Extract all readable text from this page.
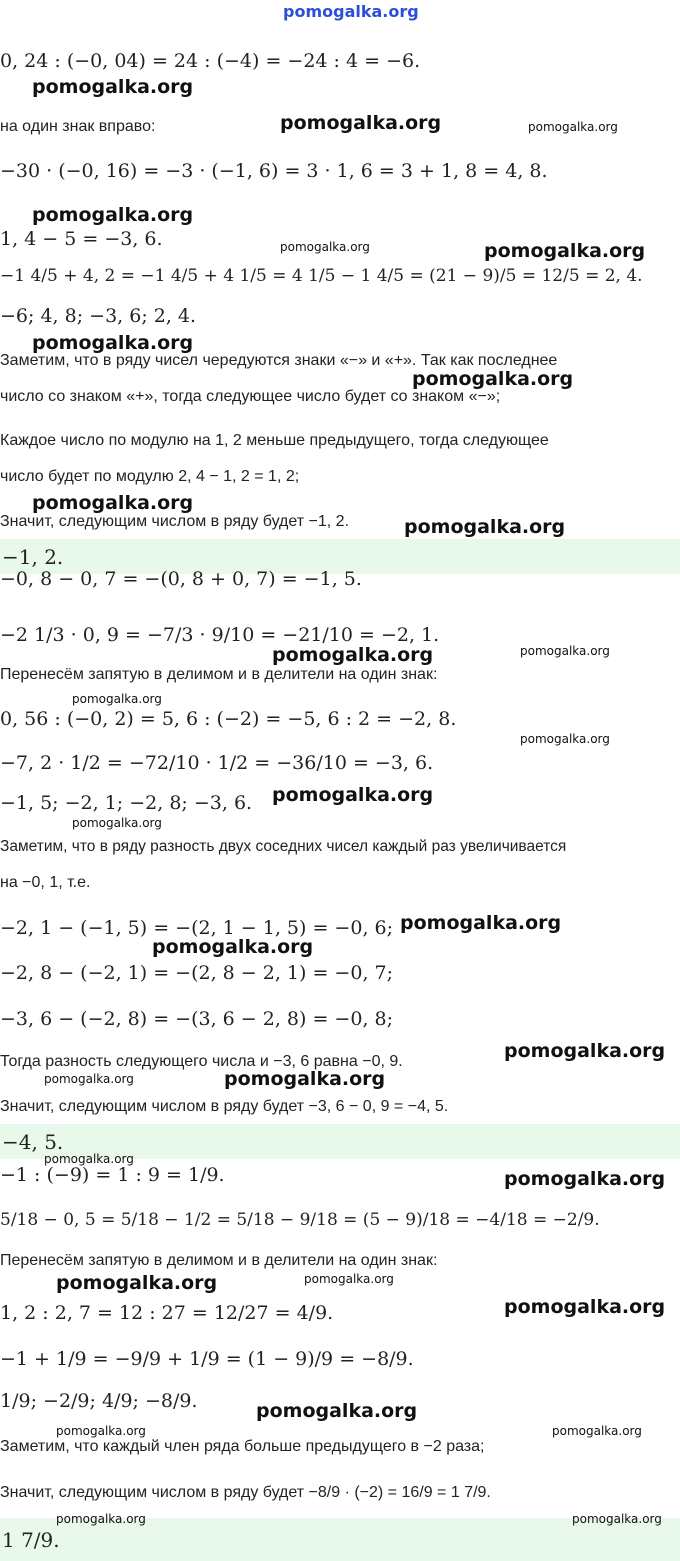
pomogalka.org
0, 24 : (−0, 04) = 24 : (−4) = −24 : 4 = −6.
на один знак вправо:
−30 · (−0, 16) = −3 · (−1, 6) = 3 · 1, 6 = 3 + 1, 8 = 4, 8.
1, 4 − 5 = −3, 6.
−1 4/5 + 4, 2 = −1 4/5 + 4 1/5 = 4 1/5 − 1 4/5 = (21 − 9)/5 = 12/5 = 2, 4.
−6; 4, 8; −3, 6; 2, 4.
Заметим, что в ряду чисел чередуются знаки «−» и «+». Так как последнее
число со знаком «+», тогда следующее число будет со знаком «−»;
Каждое число по модулю на 1, 2 меньше предыдущего, тогда следующее
число будет по модулю 2, 4 − 1, 2 = 1, 2;
Значит, следующим числом в ряду будет −1, 2.
−1, 2.
−0, 8 − 0, 7 = −(0, 8 + 0, 7) = −1, 5.
−2 1/3 · 0, 9 = −7/3 · 9/10 = −21/10 = −2, 1.
Перенесём запятую в делимом и в делители на один знак:
0, 56 : (−0, 2) = 5, 6 : (−2) = −5, 6 : 2 = −2, 8.
−7, 2 · 1/2 = −72/10 · 1/2 = −36/10 = −3, 6.
−1, 5; −2, 1; −2, 8; −3, 6.
Заметим, что в ряду разность двух соседних чисел каждый раз увеличивается
на −0, 1, т.е.
−2, 1 − (−1, 5) = −(2, 1 − 1, 5) = −0, 6;
−2, 8 − (−2, 1) = −(2, 8 − 2, 1) = −0, 7;
−3, 6 − (−2, 8) = −(3, 6 − 2, 8) = −0, 8;
Тогда разность следующего числа и −3, 6 равна −0, 9.
Значит, следующим числом в ряду будет −3, 6 − 0, 9 = −4, 5.
−4, 5.
−1 : (−9) = 1 : 9 = 1/9.
5/18 − 0, 5 = 5/18 − 1/2 = 5/18 − 9/18 = (5 − 9)/18 = −4/18 = −2/9.
Перенесём запятую в делимом и в делители на один знак:
1, 2 : 2, 7 = 12 : 27 = 12/27 = 4/9.
−1 + 1/9 = −9/9 + 1/9 = (1 − 9)/9 = −8/9.
1/9; −2/9; 4/9; −8/9.
Заметим, что каждый член ряда больше предыдущего в −2 раза;
Значит, следующим числом в ряду будет −8/9 · (−2) = 16/9 = 1 7/9.
1 7/9.
pomogalka.org
pomogalka.org	pomogalka.org
pomogalka.org
pomogalka.org	pomogalka.org
pomogalka.org
pomogalka.org
pomogalka.org
pomogalka.org
pomogalka.org	pomogalka.org
pomogalka.org
pomogalka.org
pomogalka.org
pomogalka.org
pomogalka.org
pomogalka.org
pomogalka.org
pomogalka.org	pomogalka.org
pomogalka.org
pomogalka.org
pomogalka.org	pomogalka.org
pomogalka.org
pomogalka.org
pomogalka.org	pomogalka.org
pomogalka.org	pomogalka.org
